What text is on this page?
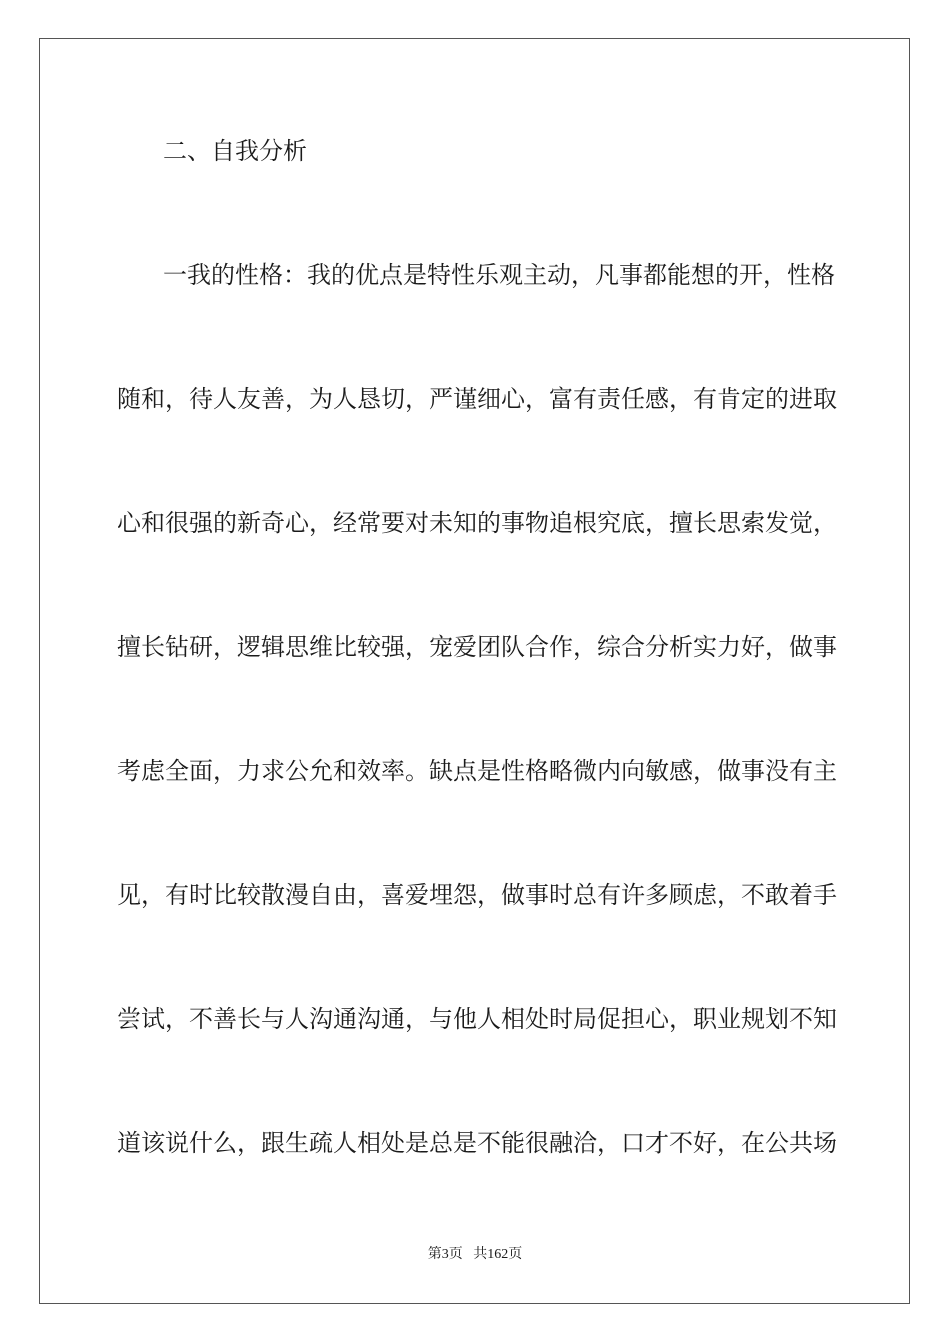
二、自我分析
一我的性格：我的优点是特性乐观主动，凡事都能想的开，性格
随和，待人友善，为人恳切，严谨细心，富有责任感，有肯定的进取
心和很强的新奇心，经常要对未知的事物追根究底，擅长思索发觉，
擅长钻研，逻辑思维比较强，宠爱团队合作，综合分析实力好，做事
考虑全面，力求公允和效率。缺点是性格略微内向敏感，做事没有主
见，有时比较散漫自由，喜爱埋怨，做事时总有许多顾虑，不敢着手
尝试，不善长与人沟通沟通，与他人相处时局促担心，职业规划不知
道该说什么，跟生疏人相处是总是不能很融洽，口才不好，在公共场
第3页 共162页
